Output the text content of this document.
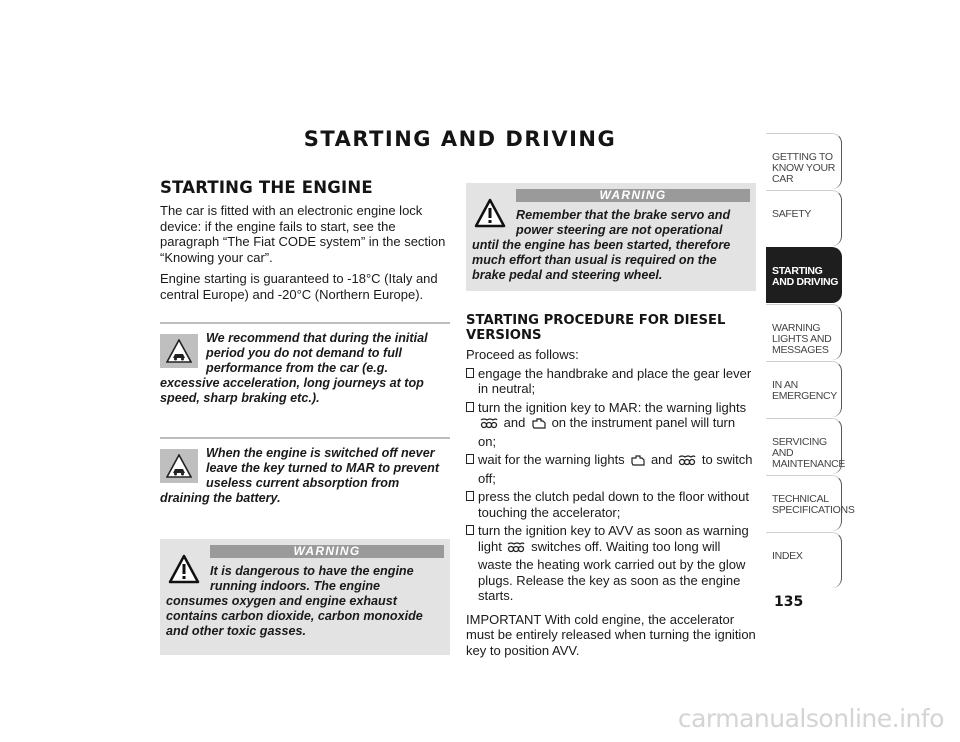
STARTING AND DRIVING
STARTING THE ENGINE

The car is fitted with an electronic engine lock device: if the engine fails to start, see the paragraph “The Fiat CODE system” in the section “Knowing your car”.

Engine starting is guaranteed to -18°C (Italy and central Europe) and -20°C (Northern Europe).

We recommend that during the initial period you do not demand to full performance from the car (e.g. excessive acceleration, long journeys at top speed, sharp braking etc.).
When the engine is switched off never leave the key turned to MAR to prevent useless current absorption from draining the battery.
WARNING
It is dangerous to have the engine running indoors. The engine consumes oxygen and engine exhaust contains carbon dioxide, carbon monoxide and other toxic gasses.
WARNING
Remember that the brake servo and power steering are not operational until the engine has been started, therefore much effort than usual is required on the brake pedal and steering wheel.
STARTING PROCEDURE FOR DIESEL VERSIONS

Proceed as follows:

engage the handbrake and place the gear lever in neutral;
turn the ignition key to MAR: the warning lights
and on the instrument panel will turn on;
wait for the warning lights and to switch off;
press the clutch pedal down to the floor without touching the accelerator;
turn the ignition key to AVV as soon as warning light switches off. Waiting too long will waste the heating work carried out by the glow plugs. Release the key as soon as the engine starts.

IMPORTANT With cold engine, the accelerator must be entirely released when turning the ignition key to position AVV.

GETTING TO KNOW YOUR CAR
SAFETY
STARTING AND DRIVING
WARNING LIGHTS AND MESSAGES
IN AN EMERGENCY
SERVICING AND MAINTENANCE
TECHNICAL SPECIFICATIONS
INDEX
135
carmanualsonline.info
